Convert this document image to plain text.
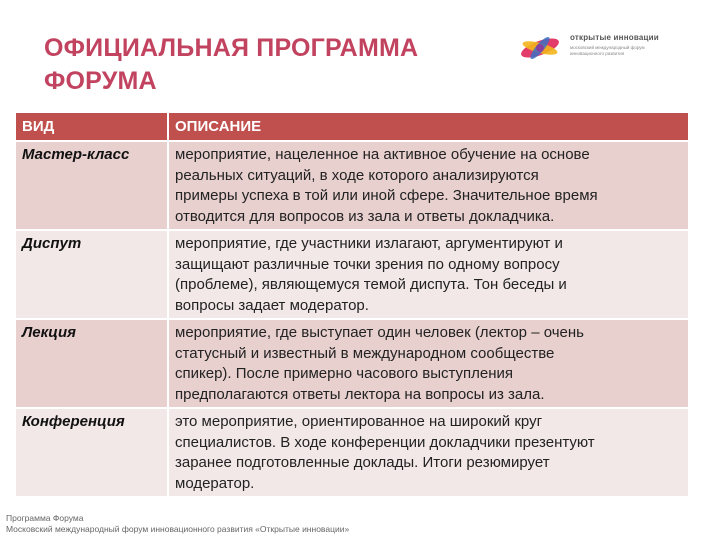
ОФИЦИАЛЬНАЯ ПРОГРАММА
ФОРУМА
открытые инновации
московский международный форум
инновационного развития
ВИД	ОПИСАНИЕ
Мастер-класс	мероприятие, нацеленное на активное обучение на основе
реальных ситуаций, в ходе которого анализируются
примеры успеха в той или иной сфере. Значительное время
отводится для вопросов из зала и ответы докладчика.

Диспут	мероприятие, где участники излагают, аргументируют и
защищают различные точки зрения по одному вопросу
(проблеме), являющемуся темой диспута. Тон беседы и
вопросы задает модератор.

Лекция	мероприятие, где выступает один человек (лектор – очень
статусный и известный в международном сообществе
спикер). После примерно часового выступления
предполагаются ответы лектора на вопросы из зала.

Конференция	это мероприятие, ориентированное на широкий круг
специалистов. В ходе конференции докладчики презентуют
заранее подготовленные доклады. Итоги резюмирует
модератор.
Программа Форума
Московский международный форум инновационного развития «Открытые инновации»
